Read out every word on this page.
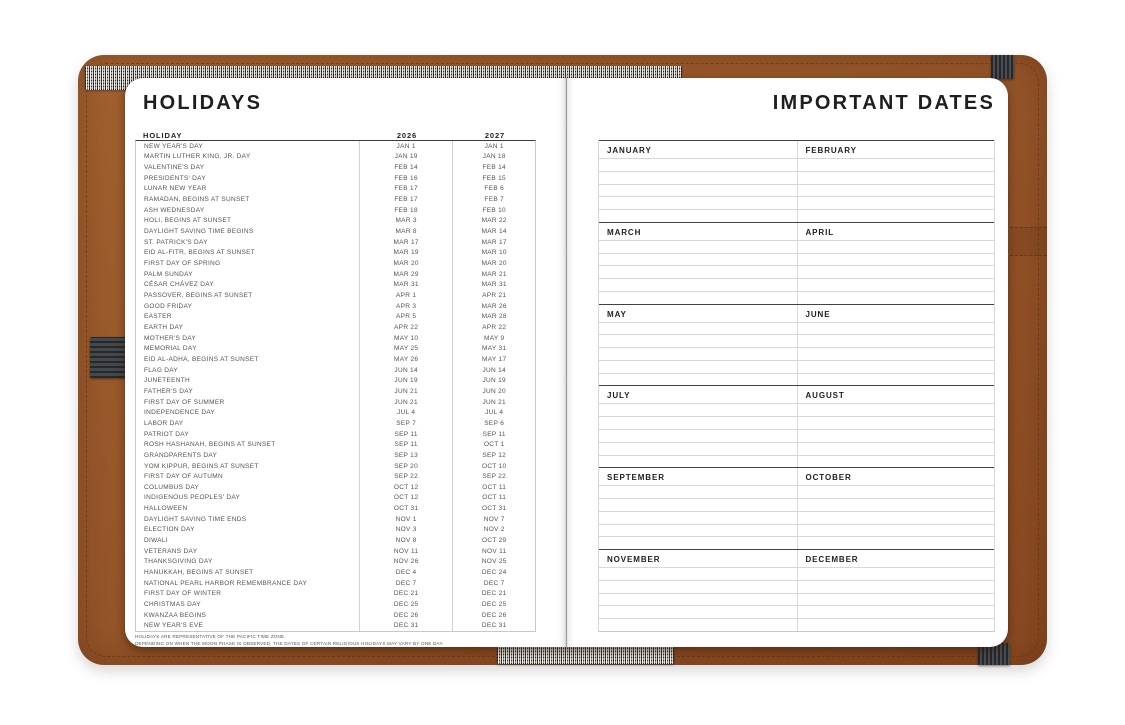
HOLIDAYS
HOLIDAY	2026	2027
NEW YEAR'S DAY	JAN 1	JAN 1
MARTIN LUTHER KING, JR. DAY	JAN 19	JAN 18
VALENTINE'S DAY	FEB 14	FEB 14
PRESIDENTS' DAY	FEB 16	FEB 15
LUNAR NEW YEAR	FEB 17	FEB 6
RAMADAN, BEGINS AT SUNSET	FEB 17	FEB 7
ASH WEDNESDAY	FEB 18	FEB 10
HOLI, BEGINS AT SUNSET	MAR 3	MAR 22
DAYLIGHT SAVING TIME BEGINS	MAR 8	MAR 14
ST. PATRICK'S DAY	MAR 17	MAR 17
EID AL-FITR, BEGINS AT SUNSET	MAR 19	MAR 10
FIRST DAY OF SPRING	MAR 20	MAR 20
PALM SUNDAY	MAR 29	MAR 21
CÉSAR CHÁVEZ DAY	MAR 31	MAR 31
PASSOVER, BEGINS AT SUNSET	APR 1	APR 21
GOOD FRIDAY	APR 3	MAR 26
EASTER	APR 5	MAR 28
EARTH DAY	APR 22	APR 22
MOTHER'S DAY	MAY 10	MAY 9
MEMORIAL DAY	MAY 25	MAY 31
EID AL-ADHA, BEGINS AT SUNSET	MAY 26	MAY 17
FLAG DAY	JUN 14	JUN 14
JUNETEENTH	JUN 19	JUN 19
FATHER'S DAY	JUN 21	JUN 20
FIRST DAY OF SUMMER	JUN 21	JUN 21
INDEPENDENCE DAY	JUL 4	JUL 4
LABOR DAY	SEP 7	SEP 6
PATRIOT DAY	SEP 11	SEP 11
ROSH HASHANAH, BEGINS AT SUNSET	SEP 11	OCT 1
GRANDPARENTS DAY	SEP 13	SEP 12
YOM KIPPUR, BEGINS AT SUNSET	SEP 20	OCT 10
FIRST DAY OF AUTUMN	SEP 22	SEP 22
COLUMBUS DAY	OCT 12	OCT 11
INDIGENOUS PEOPLES' DAY	OCT 12	OCT 11
HALLOWEEN	OCT 31	OCT 31
DAYLIGHT SAVING TIME ENDS	NOV 1	NOV 7
ELECTION DAY	NOV 3	NOV 2
DIWALI	NOV 8	OCT 29
VETERANS DAY	NOV 11	NOV 11
THANKSGIVING DAY	NOV 26	NOV 25
HANUKKAH, BEGINS AT SUNSET	DEC 4	DEC 24
NATIONAL PEARL HARBOR REMEMBRANCE DAY	DEC 7	DEC 7
FIRST DAY OF WINTER	DEC 21	DEC 21
CHRISTMAS DAY	DEC 25	DEC 25
KWANZAA BEGINS	DEC 26	DEC 26
NEW YEAR'S EVE	DEC 31	DEC 31
HOLIDAYS ARE REPRESENTATIVE OF THE PACIFIC TIME ZONE.
DEPENDING ON WHEN THE MOON PHASE IS OBSERVED, THE DATES OF CERTAIN RELIGIOUS HOLIDAYS MAY VARY BY ONE DAY.
IMPORTANT DATES
JANUARY	FEBRUARY
MARCH	APRIL
MAY	JUNE
JULY	AUGUST
SEPTEMBER	OCTOBER
NOVEMBER	DECEMBER
